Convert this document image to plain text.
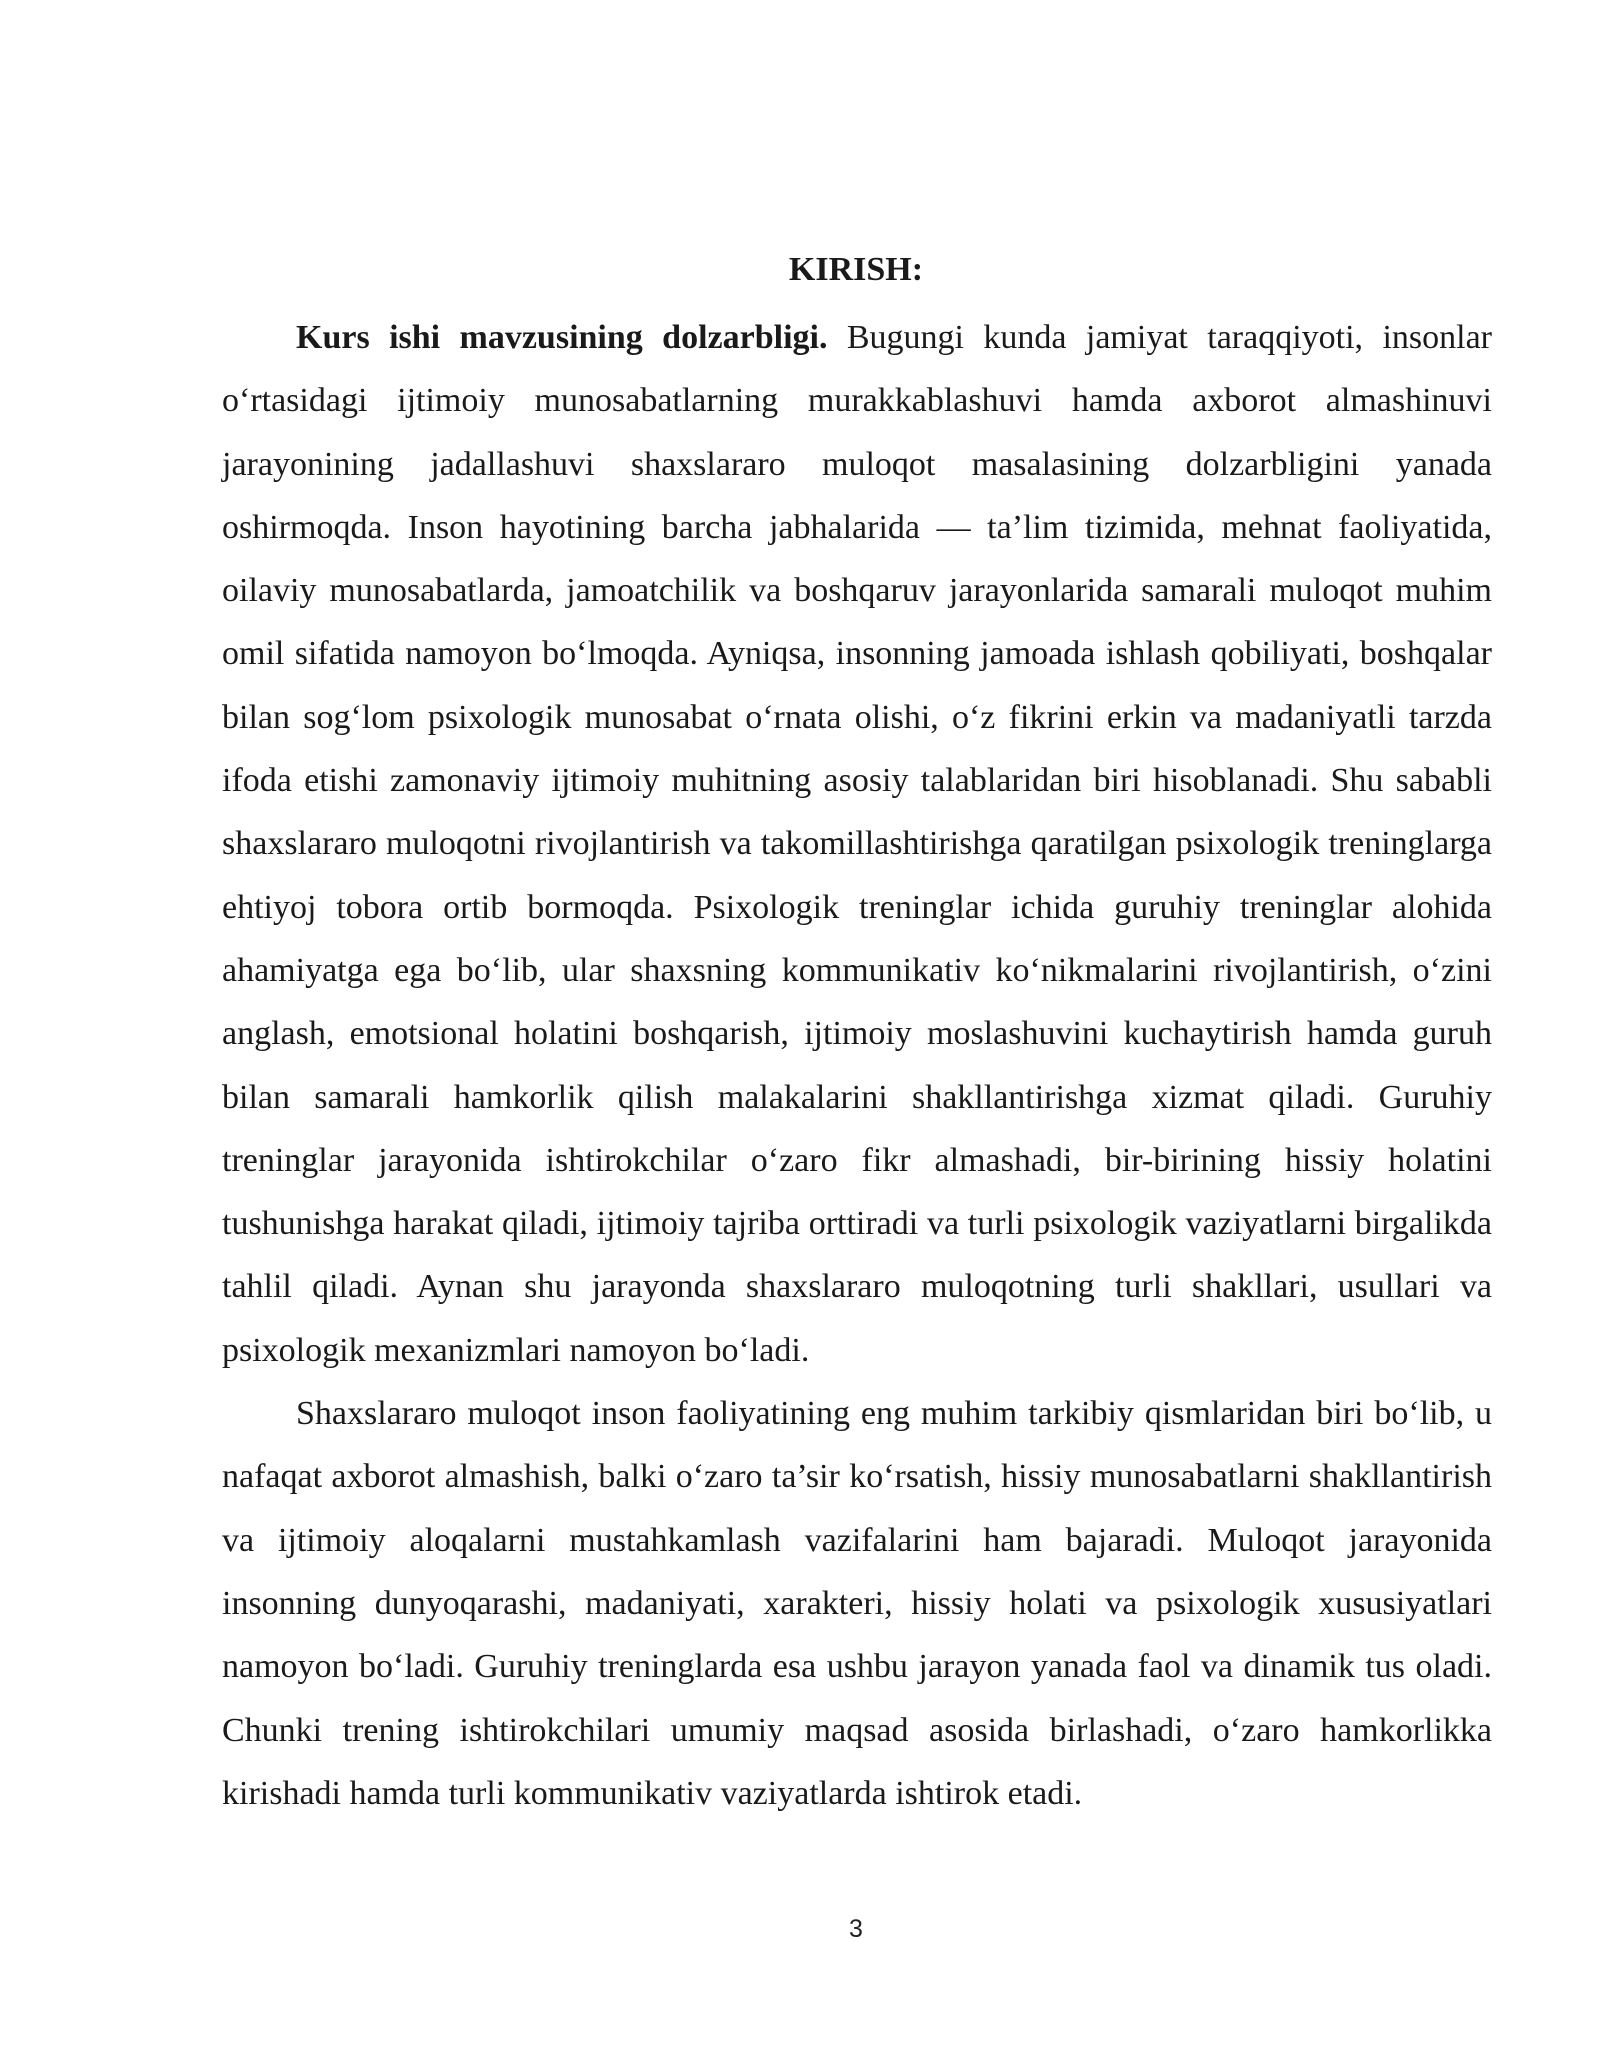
KIRISH:

Kurs ishi mavzusining dolzarbligi. Bugungi kunda jamiyat taraqqiyoti, insonlar o‘rtasidagi ijtimoiy munosabatlarning murakkablashuvi hamda axborot almashinuvi jarayonining jadallashuvi shaxslararo muloqot masalasining dolzarbligini yanada oshirmoqda. Inson hayotining barcha jabhalarida — ta’lim tizimida, mehnat faoliyatida, oilaviy munosabatlarda, jamoatchilik va boshqaruv jarayonlarida samarali muloqot muhim omil sifatida namoyon bo‘lmoqda. Ayniqsa, insonning jamoada ishlash qobiliyati, boshqalar bilan sog‘lom psixologik munosabat o‘rnata olishi, o‘z fikrini erkin va madaniyatli tarzda ifoda etishi zamonaviy ijtimoiy muhitning asosiy talablaridan biri hisoblanadi. Shu sababli shaxslararo muloqotni rivojlantirish va takomillashtirishga qaratilgan psixologik treninglarga ehtiyoj tobora ortib bormoqda. Psixologik treninglar ichida guruhiy treninglar alohida ahamiyatga ega bo‘lib, ular shaxsning kommunikativ ko‘nikmalarini rivojlantirish, o‘zini anglash, emotsional holatini boshqarish, ijtimoiy moslashuvini kuchaytirish hamda guruh bilan samarali hamkorlik qilish malakalarini shakllantirishga xizmat qiladi. Guruhiy treninglar jarayonida ishtirokchilar o‘zaro fikr almashadi, bir-birining hissiy holatini tushunishga harakat qiladi, ijtimoiy tajriba orttiradi va turli psixologik vaziyatlarni birgalikda tahlil qiladi. Aynan shu jarayonda shaxslararo muloqotning turli shakllari, usullari va psixologik mexanizmlari namoyon bo‘ladi.

Shaxslararo muloqot inson faoliyatining eng muhim tarkibiy qismlaridan biri bo‘lib, u nafaqat axborot almashish, balki o‘zaro ta’sir ko‘rsatish, hissiy munosabatlarni shakllantirish va ijtimoiy aloqalarni mustahkamlash vazifalarini ham bajaradi. Muloqot jarayonida insonning dunyoqarashi, madaniyati, xarakteri, hissiy holati va psixologik xususiyatlari namoyon bo‘ladi. Guruhiy treninglarda esa ushbu jarayon yanada faol va dinamik tus oladi. Chunki trening ishtirokchilari umumiy maqsad asosida birlashadi, o‘zaro hamkorlikka kirishadi hamda turli kommunikativ vaziyatlarda ishtirok etadi.

3
